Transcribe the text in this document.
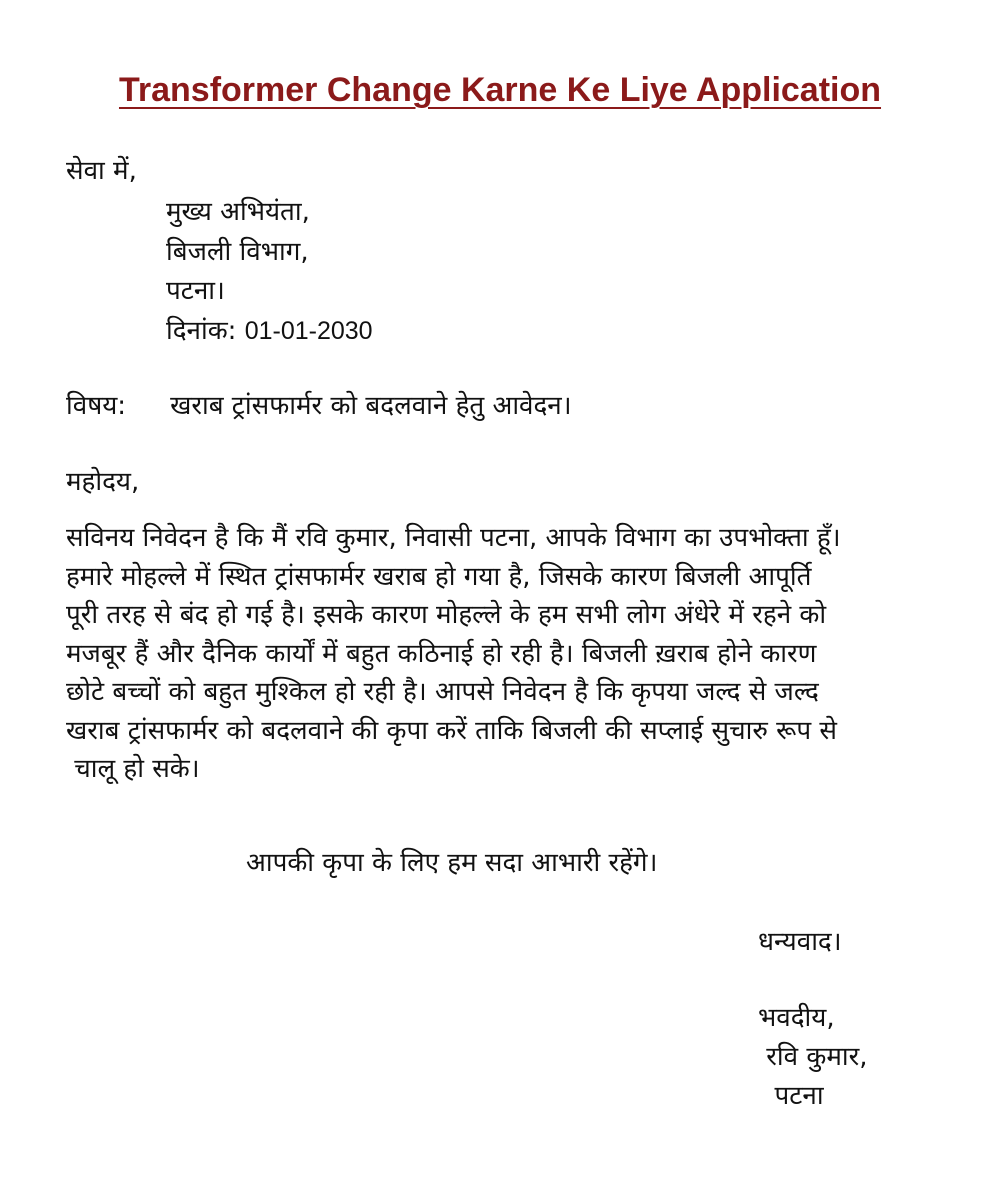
Transformer Change Karne Ke Liye Application

सेवा में,

मुख्य अभियंता,

बिजली विभाग,

पटना।

दिनांक: 01-01-2030

विषय: खराब ट्रांसफार्मर को बदलवाने हेतु आवेदन।

महोदय,

सविनय निवेदन है कि मैं रवि कुमार, निवासी पटना, आपके विभाग का उपभोक्ता हूँ।
हमारे मोहल्ले में स्थित ट्रांसफार्मर खराब हो गया है, जिसके कारण बिजली आपूर्ति
पूरी तरह से बंद हो गई है। इसके कारण मोहल्ले के हम सभी लोग अंधेरे में रहने को
मजबूर हैं और दैनिक कार्यों में बहुत कठिनाई हो रही है। बिजली ख़राब होने कारण
छोटे बच्चों को बहुत मुश्किल हो रही है। आपसे निवेदन है कि कृपया जल्द से जल्द
खराब ट्रांसफार्मर को बदलवाने की कृपा करें ताकि बिजली की सप्लाई सुचारु रूप से
चालू हो सके।

आपकी कृपा के लिए हम सदा आभारी रहेंगे।

धन्यवाद।

भवदीय,

रवि कुमार,

पटना
